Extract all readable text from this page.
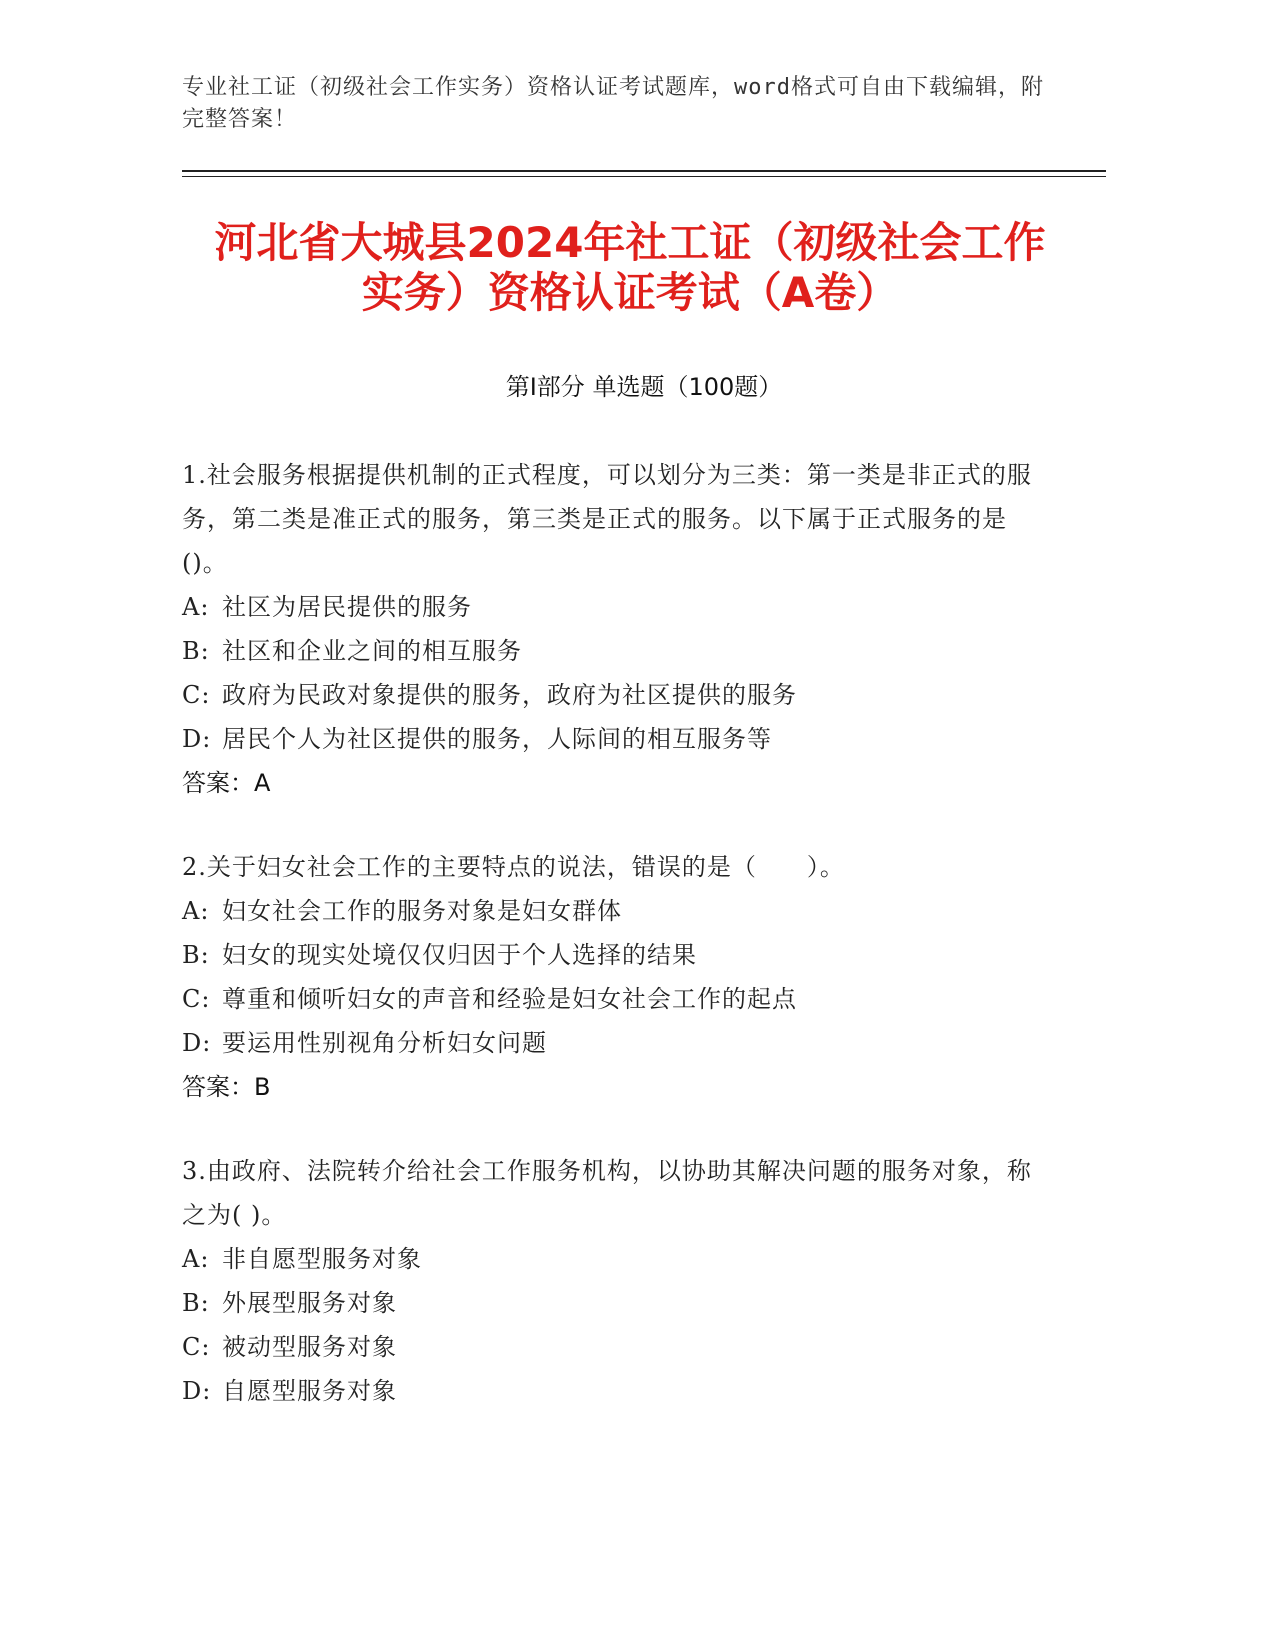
专业社工证（初级社会工作实务）资格认证考试题库，word格式可自由下载编辑，附完整答案！
河北省大城县2024年社工证（初级社会工作
实务）资格认证考试（A卷）
第Ⅰ部分 单选题（100题）
1.社会服务根据提供机制的正式程度，可以划分为三类：第一类是非正式的服务，第二类是准正式的服务，第三类是正式的服务。以下属于正式服务的是()。
A: 社区为居民提供的服务
B: 社区和企业之间的相互服务
C: 政府为民政对象提供的服务，政府为社区提供的服务
D: 居民个人为社区提供的服务，人际间的相互服务等
答案：A
2.关于妇女社会工作的主要特点的说法，错误的是（　　）。
A: 妇女社会工作的服务对象是妇女群体
B: 妇女的现实处境仅仅归因于个人选择的结果
C: 尊重和倾听妇女的声音和经验是妇女社会工作的起点
D: 要运用性别视角分析妇女问题
答案：B
3.由政府、法院转介给社会工作服务机构，以协助其解决问题的服务对象，称之为( )。
A: 非自愿型服务对象
B: 外展型服务对象
C: 被动型服务对象
D: 自愿型服务对象
